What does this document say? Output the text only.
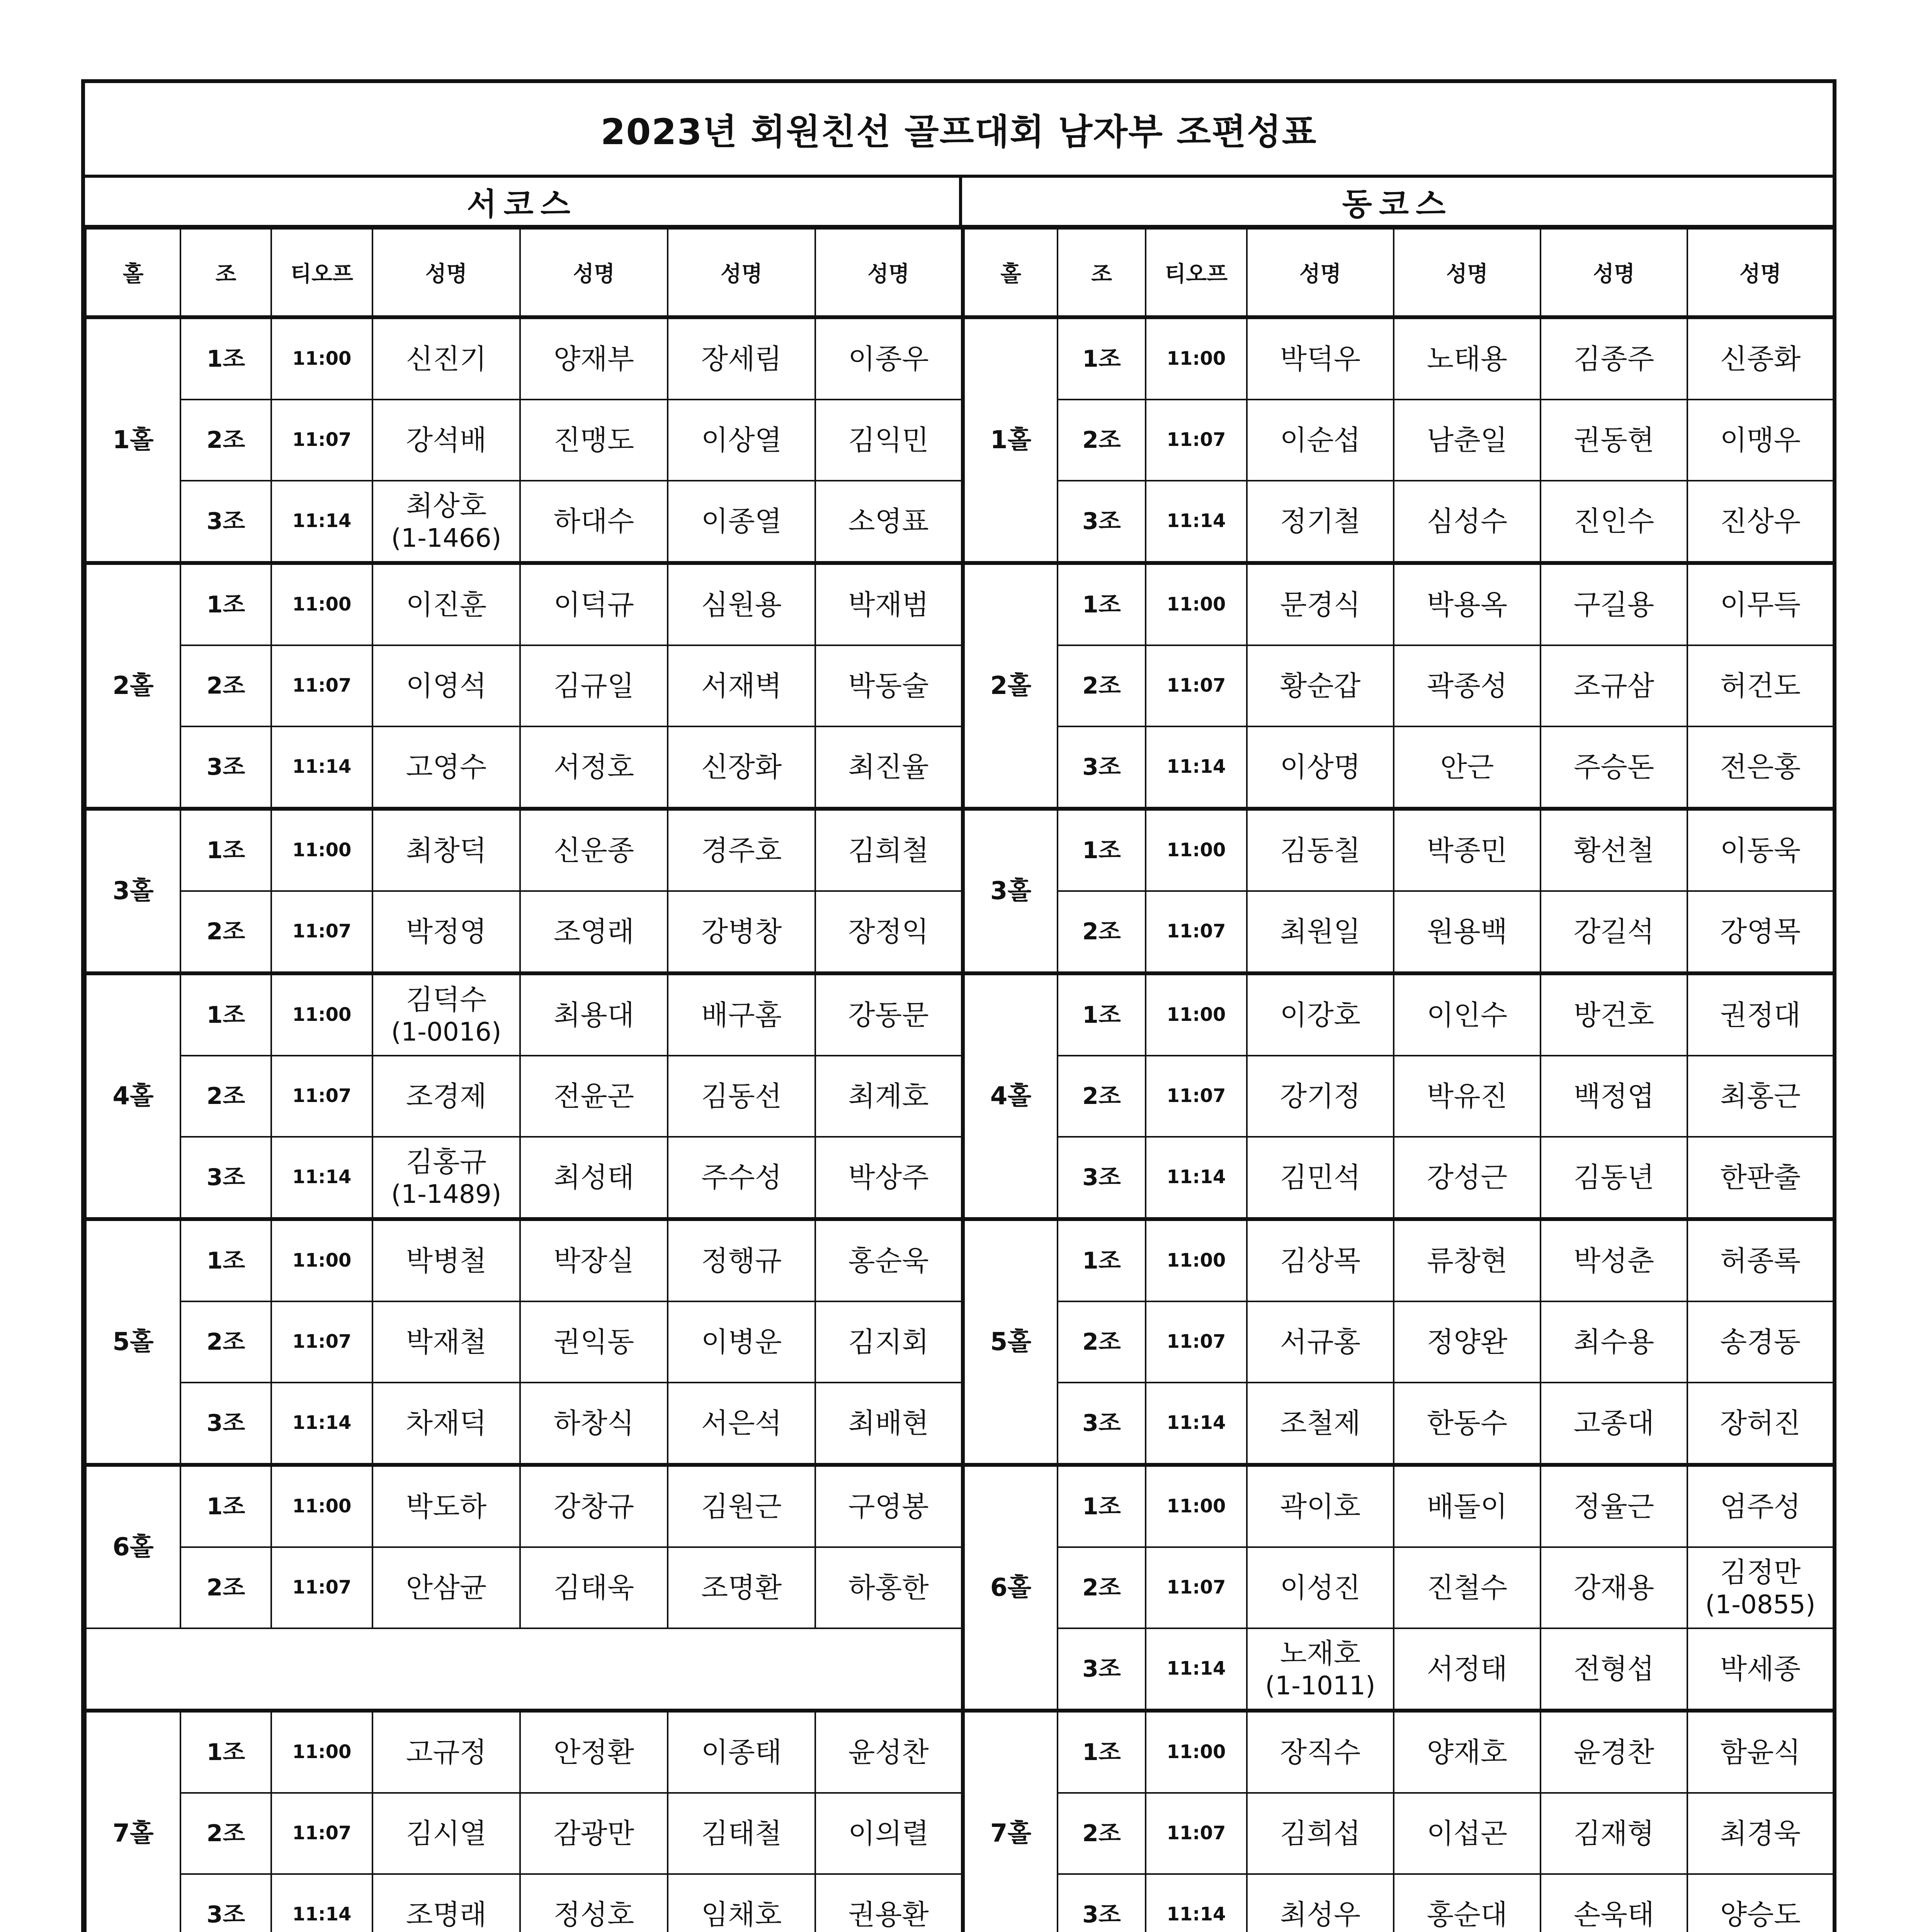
2023년 회원친선 골프대회 남자부 조편성표
서코스	동코스
홀	조	티오프	성명	성명	성명	성명	홀	조	티오프	성명	성명	성명	성명
1홀	1조	11:00	신진기	양재부	장세림	이종우	1홀	1조	11:00	박덕우	노태용	김종주	신종화
	2조	11:07	강석배	진맹도	이상열	김익민		2조	11:07	이순섭	남춘일	권동현	이맹우
	3조	11:14	최상호
(1-1466)	하대수	이종열	소영표		3조	11:14	정기철	심성수	진인수	진상우
2홀	1조	11:00	이진훈	이덕규	심원용	박재범	2홀	1조	11:00	문경식	박용옥	구길용	이무득
	2조	11:07	이영석	김규일	서재벽	박동술		2조	11:07	황순갑	곽종성	조규삼	허건도
	3조	11:14	고영수	서정호	신장화	최진율		3조	11:14	이상명	안근	주승돈	전은홍
3홀	1조	11:00	최창덕	신운종	경주호	김희철	3홀	1조	11:00	김동칠	박종민	황선철	이동욱
	2조	11:07	박정영	조영래	강병창	장정익		2조	11:07	최원일	원용백	강길석	강영목
4홀	1조	11:00	김덕수
(1-0016)	최용대	배구홈	강동문	4홀	1조	11:00	이강호	이인수	방건호	권정대
	2조	11:07	조경제	전윤곤	김동선	최계호		2조	11:07	강기정	박유진	백정엽	최홍근
	3조	11:14	김홍규
(1-1489)	최성태	주수성	박상주		3조	11:14	김민석	강성근	김동년	한판출
5홀	1조	11:00	박병철	박장실	정행규	홍순욱	5홀	1조	11:00	김상목	류창현	박성춘	허종록
	2조	11:07	박재철	권익동	이병운	김지회		2조	11:07	서규홍	정양완	최수용	송경동
	3조	11:14	차재덕	하창식	서은석	최배현		3조	11:14	조철제	한동수	고종대	장허진
6홀	1조	11:00	박도하	강창규	김원근	구영봉	6홀	1조	11:00	곽이호	배돌이	정율근	엄주성
	2조	11:07	안삼균	김태욱	조명환	하홍한		2조	11:07	이성진	진철수	강재용	김정만
(1-0855)

								3조	11:14	노재호
(1-1011)	서정태	전형섭	박세종
7홀	1조	11:00	고규정	안정환	이종태	윤성찬	7홀	1조	11:00	장직수	양재호	윤경찬	함윤식
	2조	11:07	김시열	감광만	김태철	이의렬		2조	11:07	김희섭	이섭곤	김재형	최경욱
	3조	11:14	조명래	정성호	임채호	권용환		3조	11:14	최성우	홍순대	손욱태	양승도
